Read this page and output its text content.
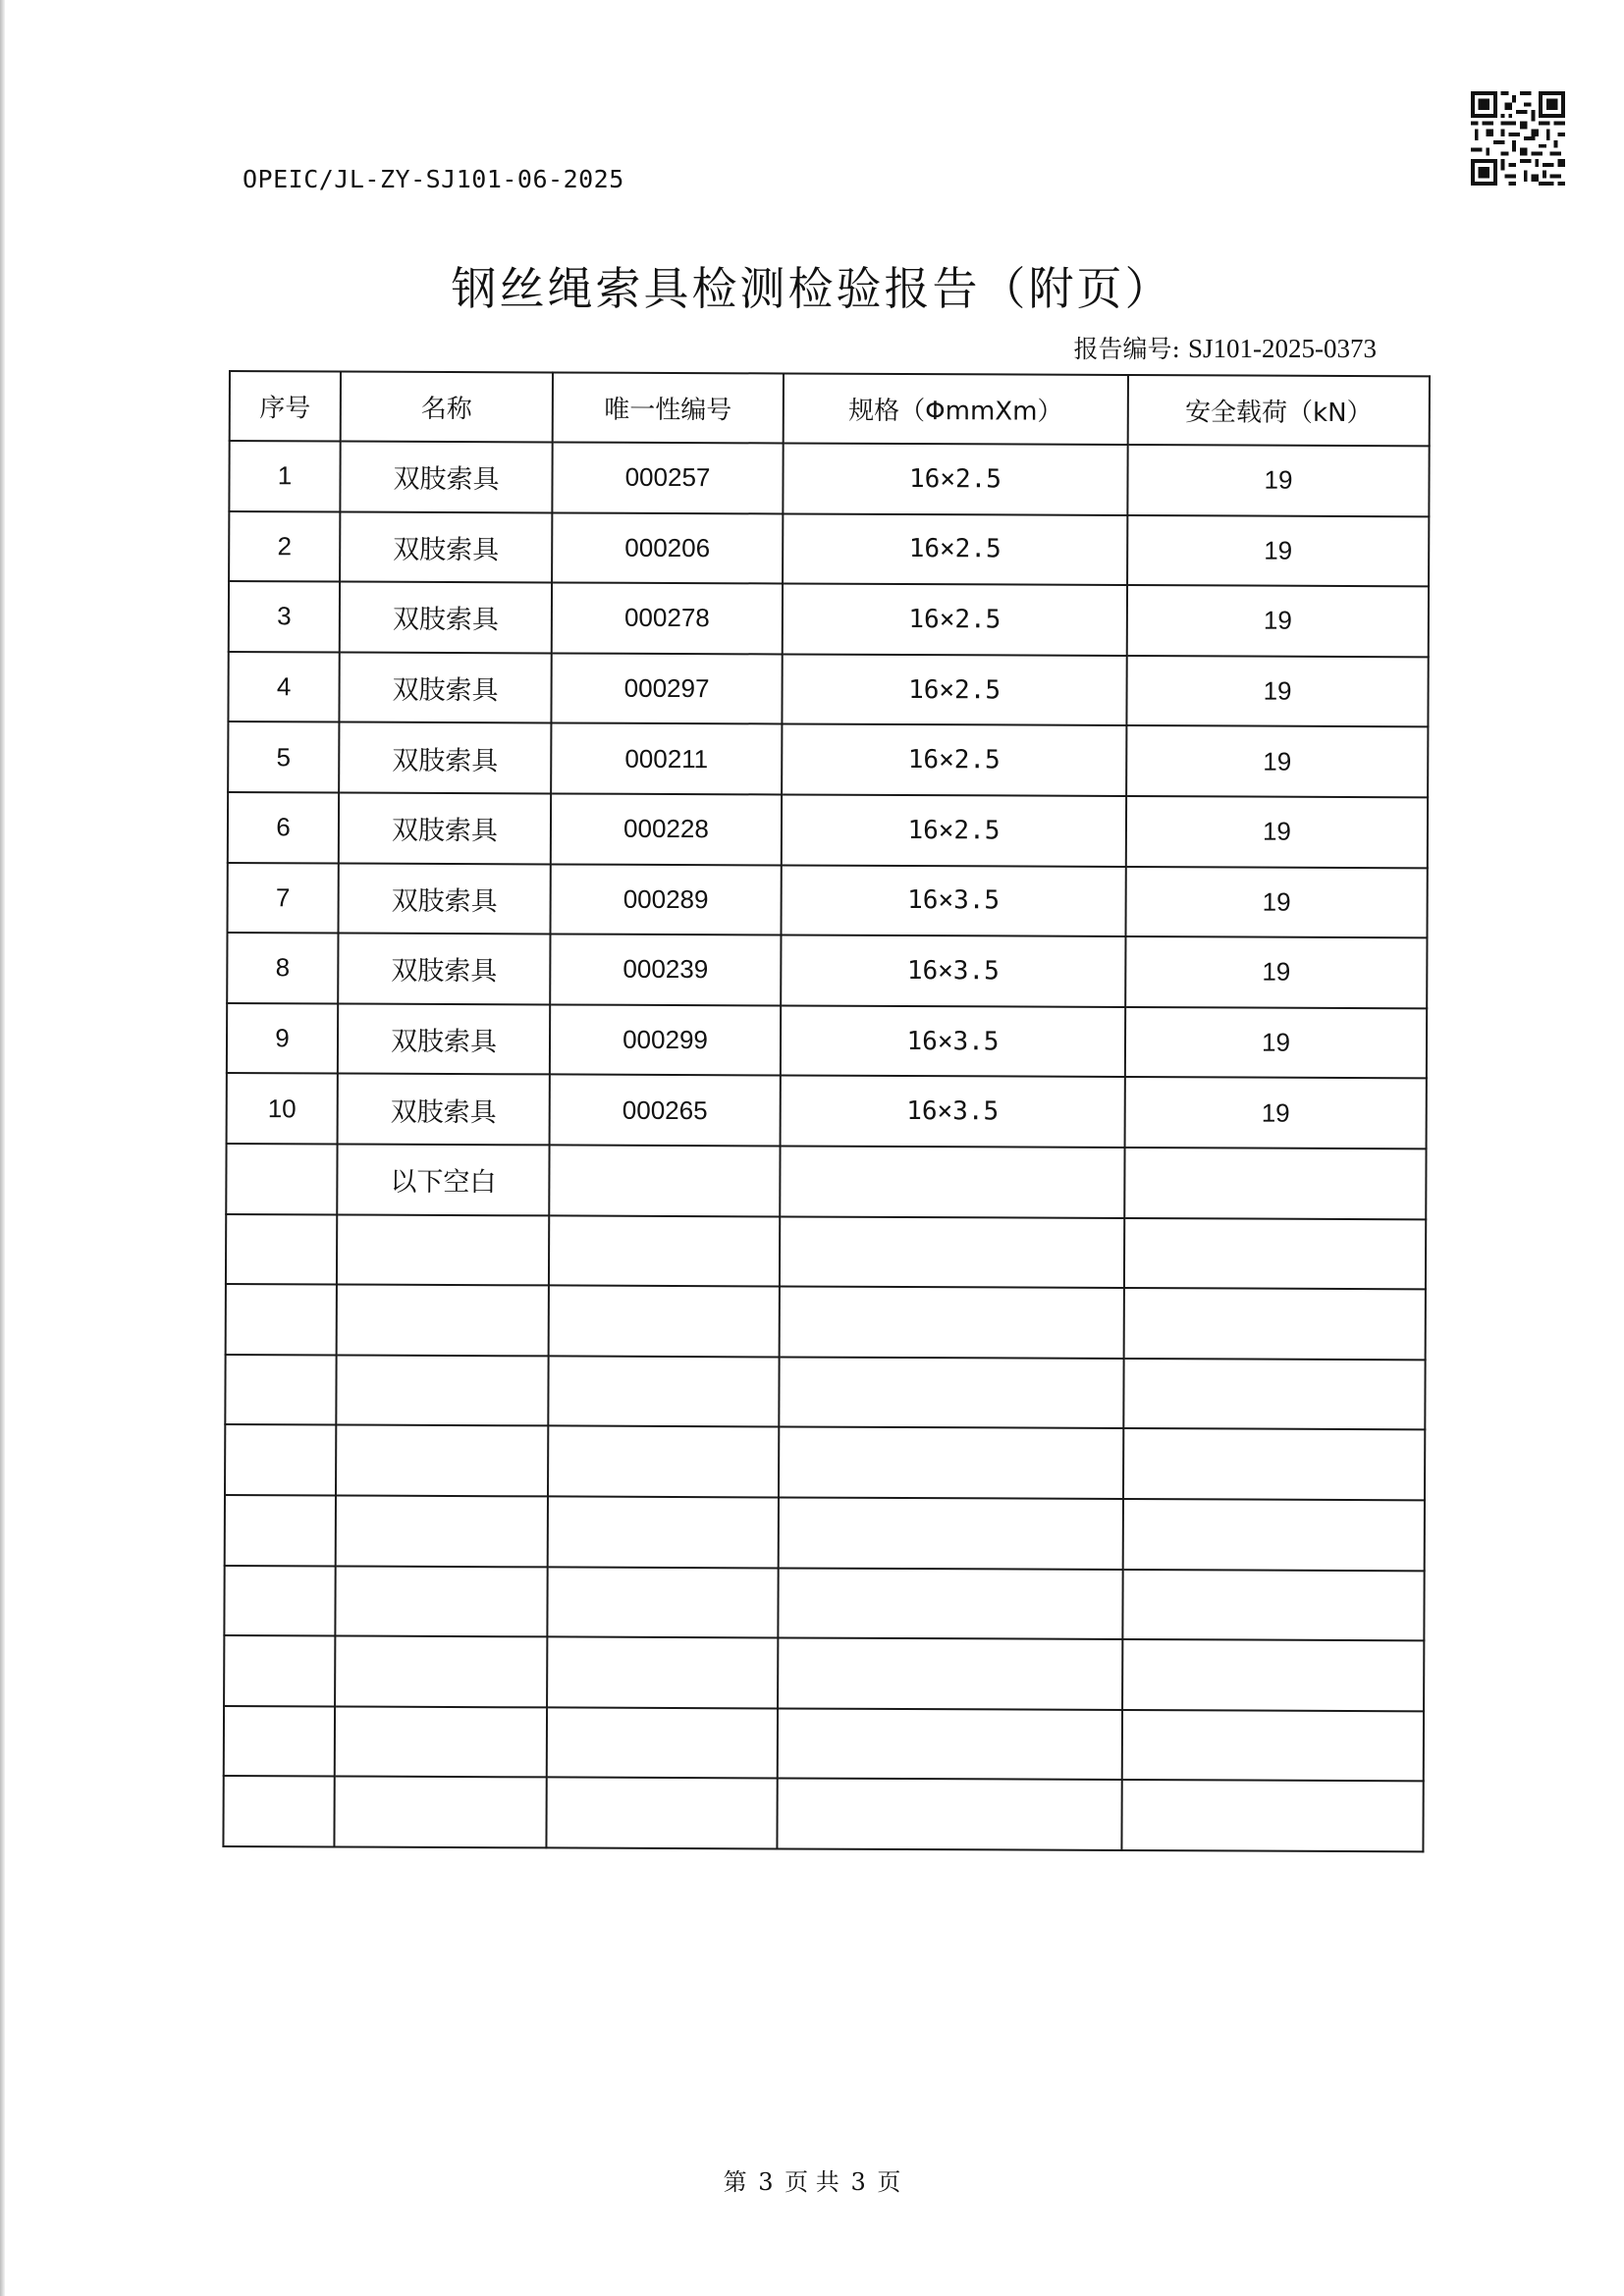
OPEIC/JL-ZY-SJ101-06-2025
钢丝绳索具检测检验报告（附页）
报告编号: SJ101-2025-0373
序号	名称	唯一性编号	规格（ΦmmXm）	安全载荷（kN）
1	双肢索具	000257	16×2.5	19
2	双肢索具	000206	16×2.5	19
3	双肢索具	000278	16×2.5	19
4	双肢索具	000297	16×2.5	19
5	双肢索具	000211	16×2.5	19
6	双肢索具	000228	16×2.5	19
7	双肢索具	000289	16×3.5	19
8	双肢索具	000239	16×3.5	19
9	双肢索具	000299	16×3.5	19
10	双肢索具	000265	16×3.5	19
	以下空白			

第 3 页 共 3 页
